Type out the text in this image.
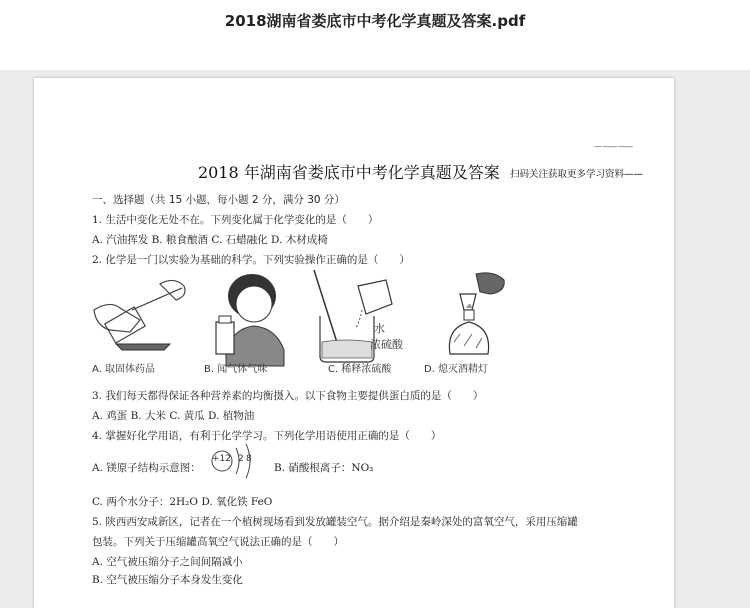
2018湖南省娄底市中考化学真题及答案.pdf
— —— ——
2018 年湖南省娄底市中考化学真题及答案 扫码关注获取更多学习资料——
一、选择题（共 15 小题，每小题 2 分，满分 30 分）
1. 生活中变化无处不在。下列变化属于化学变化的是（　　）
A. 汽油挥发 B. 粮食酿酒 C. 石蜡融化 D. 木材成椅
2. 化学是一门以实验为基础的科学。下列实验操作正确的是（　　）
A. 取固体药品	B. 闻气体气味
水
浓硫酸
C. 稀释浓硫酸	D. 熄灭酒精灯
3. 我们每天都得保证各种营养素的均衡摄入。以下食物主要提供蛋白质的是（　　）
A. 鸡蛋 B. 大米 C. 黄瓜 D. 植物油
4. 掌握好化学用语，有利于化学学习。下列化学用语使用正确的是（　　）
A. 镁原子结构示意图：
+12 2 8
B. 硝酸根离子：NO₃
C. 两个水分子：2H₂O D. 氧化铁 FeO
5. 陕西西安咸新区，记者在一个植树现场看到发放罐装空气。据介绍是秦岭深处的富氧空气，采用压缩罐
包装。下列关于压缩罐高氧空气说法正确的是（　　）
A. 空气被压缩分子之间间隔减小
B. 空气被压缩分子本身发生变化
